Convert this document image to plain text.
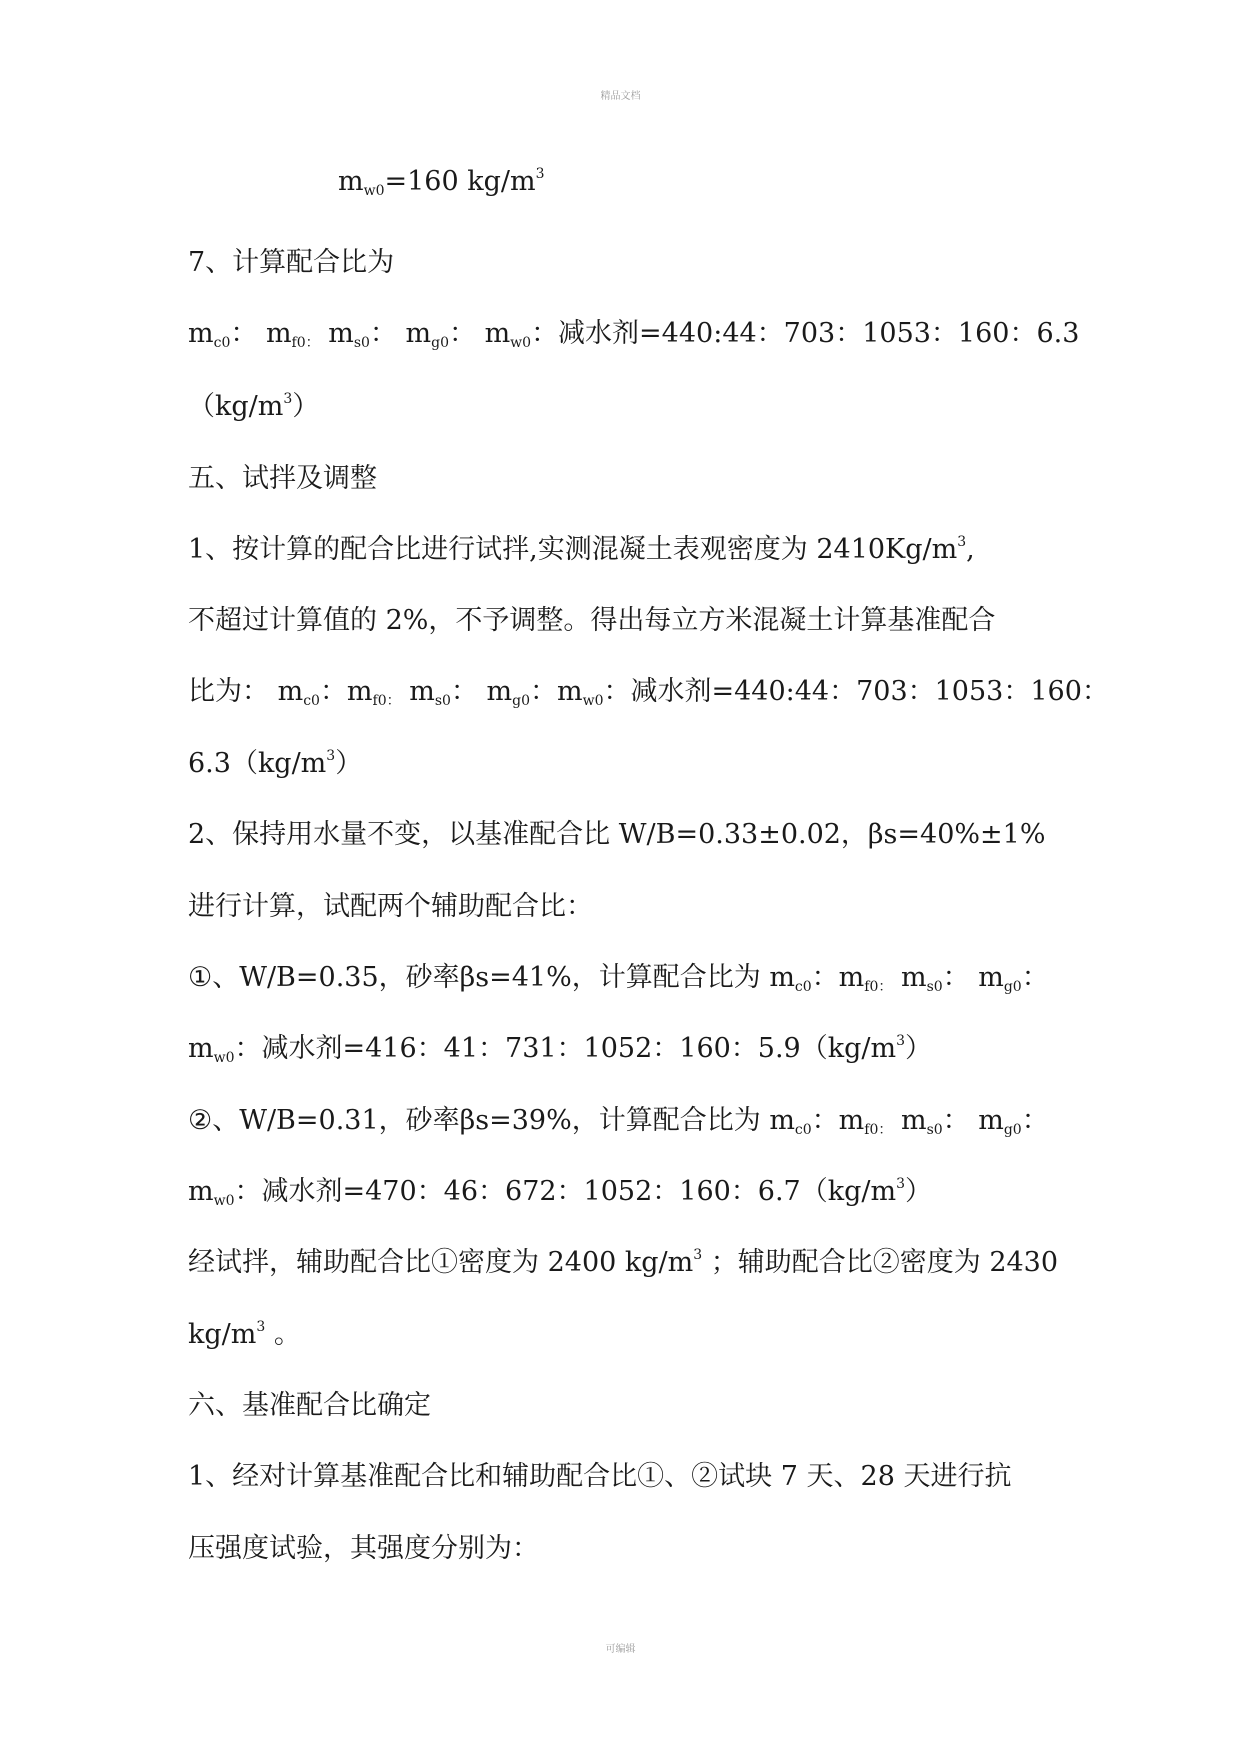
精品文档
$m_{w0}=160$ $kg/m^3$
7、计算配合比为
$m_{c0}$： $m_{f0:}$ $m_{s0}$： $m_{g0}$： $m_{w0}$：减水剂=440:44：703：1053：160：6.3
$(kg/m^3)$
五、试拌及调整
1、按计算的配合比进行试拌,实测混凝土表观密度为 $2410Kg/m^3$,
不超过计算值的 2%，不予调整。得出每立方米混凝土计算基准配合
比为： $m_{c0}$：$m_{f0:}$ $m_{s0}$： $m_{g0}$：$m_{w0}$：减水剂=440:44：703：1053：160：
$6.3(kg/m^3)$
2、保持用水量不变，以基准配合比 W/B=0.33±0.02，βs=40%±1%
进行计算，试配两个辅助配合比：
①、W/B=0.35，砂率βs=41%，计算配合比为 $m_{c0}$：$m_{f0:}$ $m_{s0}$： $m_{g0}$：
$m_{w0}$：减水剂=416：41：731：1052：160：$5.9(kg/m^3)$
②、W/B=0.31，砂率βs=39%，计算配合比为 $m_{c0}$：$m_{f0:}$ $m_{s0}$： $m_{g0}$：
$m_{w0}$：减水剂=470：46：672：1052：160：$6.7(kg/m^3)$
经试拌，辅助配合比①密度为 2400 $kg/m^3$ ；辅助配合比②密度为 2430
$kg/m^3$ 。
六、基准配合比确定
1、经对计算基准配合比和辅助配合比①、②试块 7 天、28 天进行抗
压强度试验，其强度分别为：
可编辑
